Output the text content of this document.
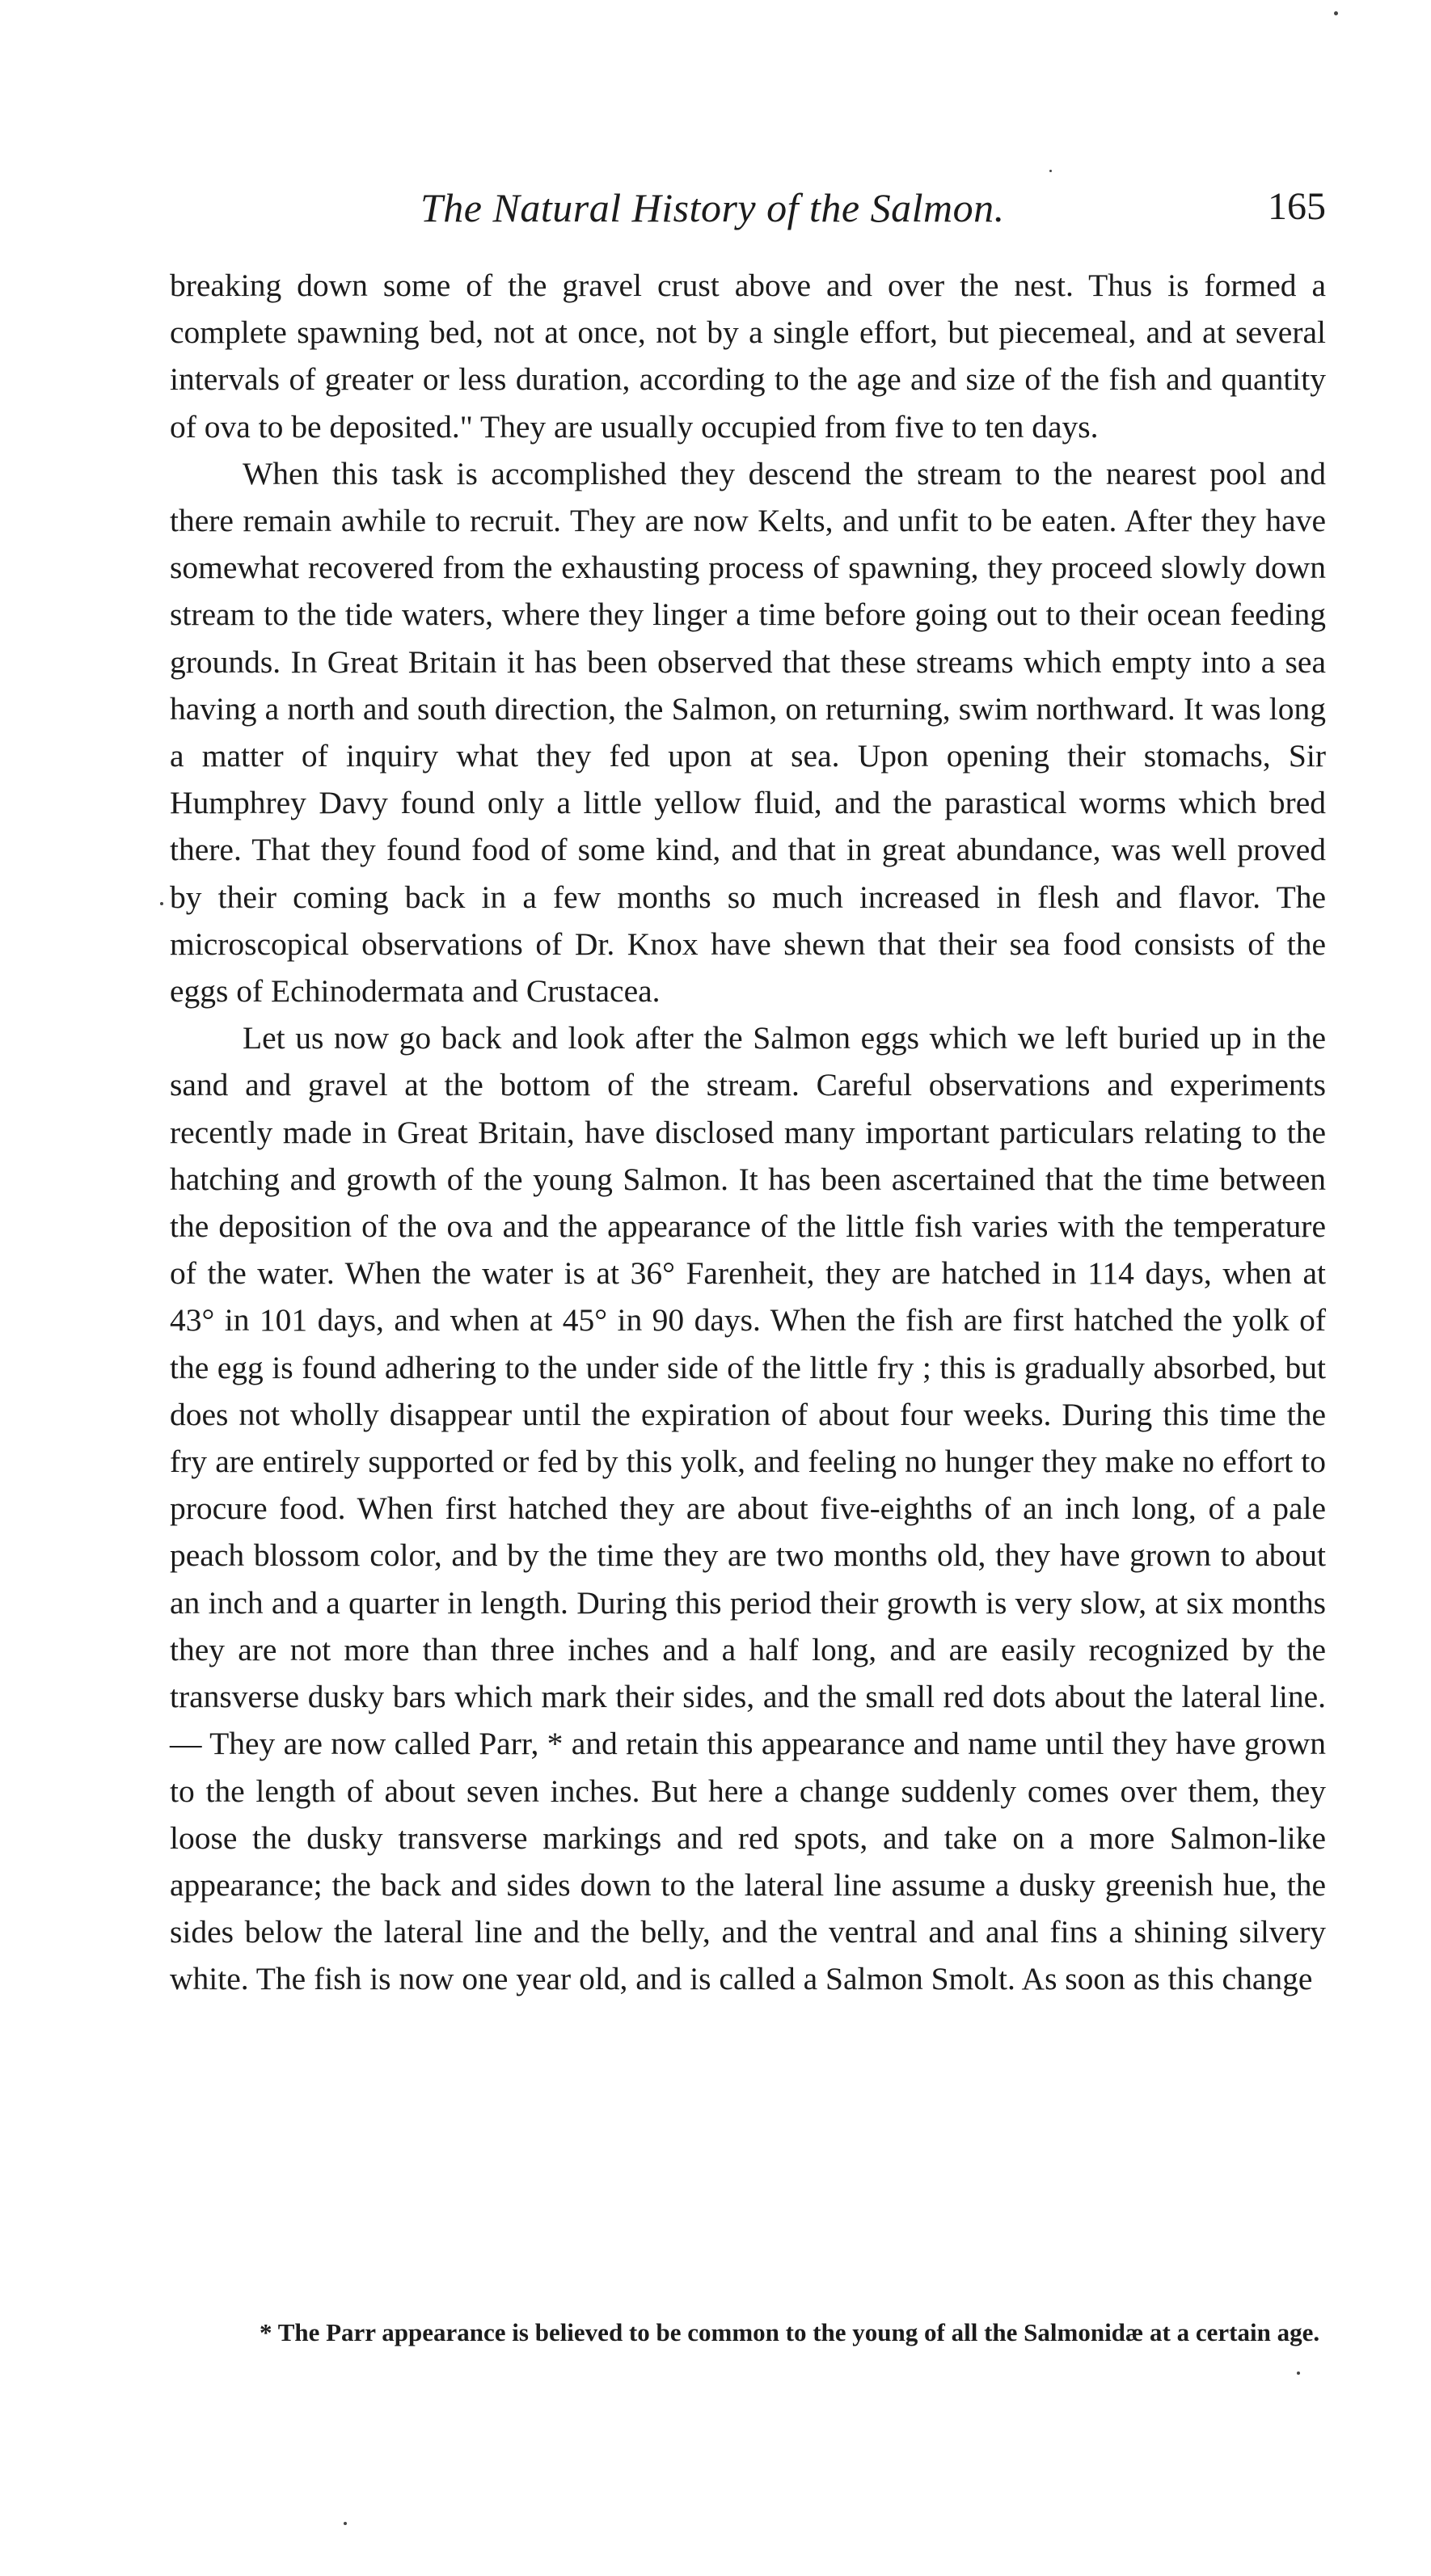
The Natural History of the Salmon.	165

breaking down some of the gravel crust above and over the nest. Thus is formed a complete spawning bed, not at once, not by a single effort, but piecemeal, and at several intervals of greater or less duration, according to the age and size of the fish and quantity of ova to be deposited." They are usually occupied from five to ten days.

When this task is accomplished they descend the stream to the nearest pool and there remain awhile to recruit. They are now Kelts, and unfit to be eaten. After they have somewhat recovered from the exhausting process of spawning, they proceed slowly down stream to the tide waters, where they linger a time before going out to their ocean feeding grounds. In Great Britain it has been observed that these streams which empty into a sea having a north and south direction, the Salmon, on returning, swim northward. It was long a matter of inquiry what they fed upon at sea. Upon opening their stomachs, Sir Humphrey Davy found only a little yellow fluid, and the parastical worms which bred there. That they found food of some kind, and that in great abundance, was well proved by their coming back in a few months so much increased in flesh and flavor. The microscopical observations of Dr. Knox have shewn that their sea food consists of the eggs of Echinodermata and Crustacea.

Let us now go back and look after the Salmon eggs which we left buried up in the sand and gravel at the bottom of the stream. Careful observations and experiments recently made in Great Britain, have disclosed many important particulars relating to the hatching and growth of the young Salmon. It has been ascertained that the time between the deposition of the ova and the appearance of the little fish varies with the temperature of the water. When the water is at 36° Farenheit, they are hatched in 114 days, when at 43° in 101 days, and when at 45° in 90 days. When the fish are first hatched the yolk of the egg is found adhering to the under side of the little fry ; this is gradually absorbed, but does not wholly disappear until the expiration of about four weeks. During this time the fry are entirely supported or fed by this yolk, and feeling no hunger they make no effort to procure food. When first hatched they are about five-eighths of an inch long, of a pale peach blossom color, and by the time they are two months old, they have grown to about an inch and a quarter in length. During this period their growth is very slow, at six months they are not more than three inches and a half long, and are easily recognized by the transverse dusky bars which mark their sides, and the small red dots about the lateral line.— They are now called Parr, * and retain this appearance and name until they have grown to the length of about seven inches. But here a change suddenly comes over them, they loose the dusky transverse markings and red spots, and take on a more Salmon-like appearance; the back and sides down to the lateral line assume a dusky greenish hue, the sides below the lateral line and the belly, and the ventral and anal fins a shining silvery white. The fish is now one year old, and is called a Salmon Smolt. As soon as this change

* The Parr appearance is believed to be common to the young of all the Salmonidæ at a certain age.
